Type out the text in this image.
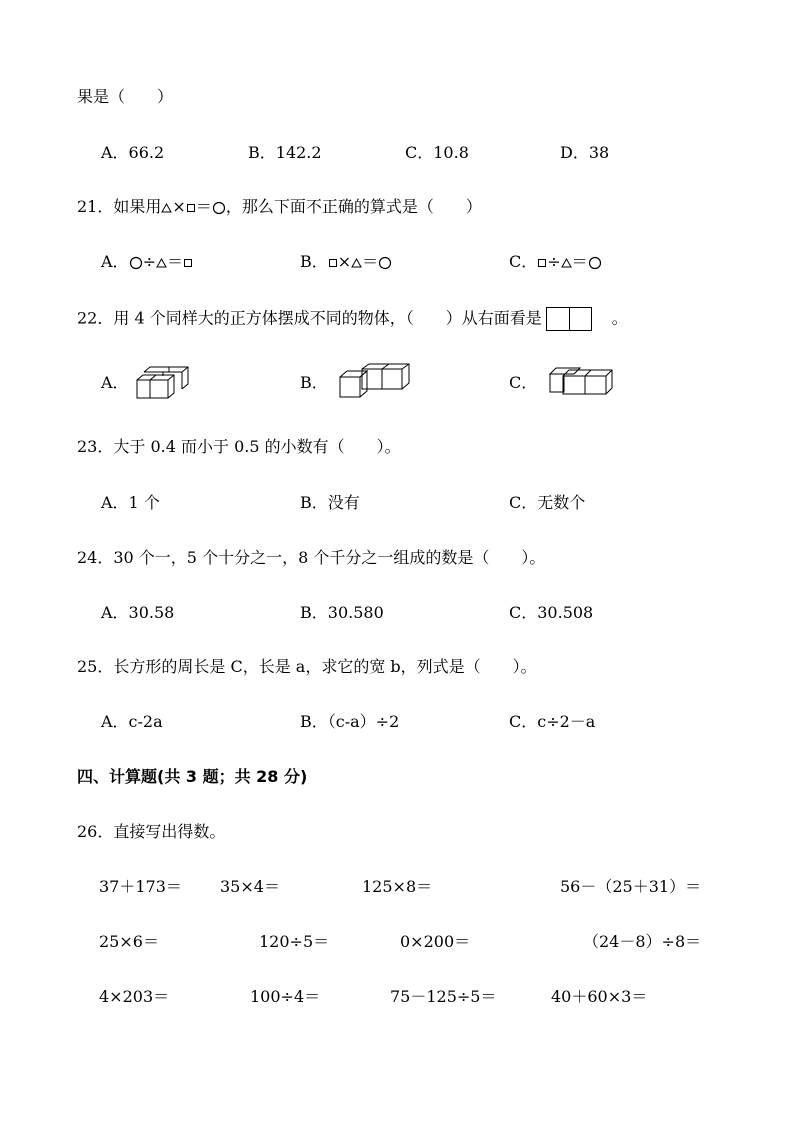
果是（　　）
A．66.2	B．142.2	C．10.8	D．38
21．如果用 × ＝ ，那么下面不正确的算式是（　　）
A． ÷ ＝	B． × ＝	C． ÷ ＝
22．用 4 个同样大的正方体摆成不同的物体，（　　）从右面看是　	。
A．	B．	C．
23．大于 0.4 而小于 0.5 的小数有（　　）。
A．1 个	B．没有	C．无数个
24．30 个一，5 个十分之一，8 个千分之一组成的数是（　　）。
A．30.58	B．30.580	C．30.508
25．长方形的周长是 C，长是 a，求它的宽 b，列式是（　　）。
A．c-2a	B．（c-a）÷2	C．c÷2－a
四、计算题(共 3 题；共 28 分)
26．直接写出得数。
37＋173＝ 35×4＝	125×8＝	56－（25＋31）＝
25×6＝	120÷5＝	0×200＝	（24－8）÷8＝
4×203＝	100÷4＝	75－125÷5＝	40＋60×3＝
